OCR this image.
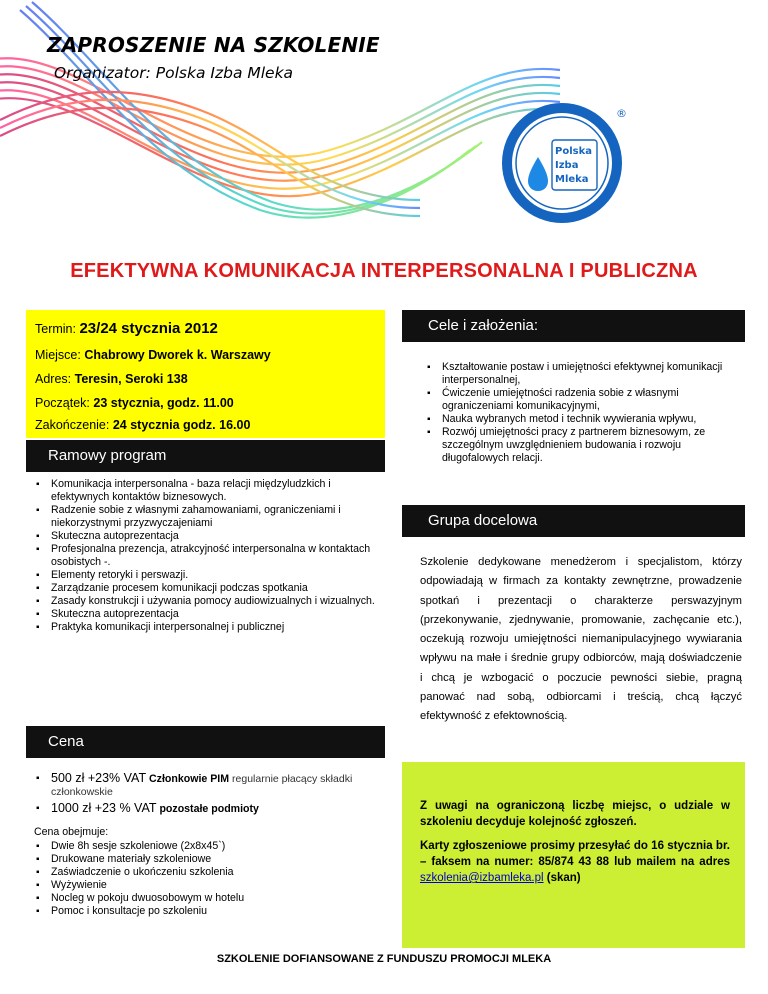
ZAPROSZENIE NA SZKOLENIE
Organizator: Polska Izba Mleka
Polska
Izba
Mleka
®
EFEKTYWNA KOMUNIKACJA INTERPERSONALNA I PUBLICZNA
Termin: 23/24 stycznia 2012
Miejsce: Chabrowy Dworek k. Warszawy
Adres: Teresin, Seroki 138
Początek: 23 stycznia, godz. 11.00
Zakończenie: 24 stycznia godz. 16.00
Ramowy program
Cele i założenia:
Grupa docelowa
Cena
▪ Komunikacja interpersonalna - baza relacji międzyludzkich i efektywnych kontaktów biznesowych.
▪ Radzenie sobie z własnymi zahamowaniami, ograniczeniami i niekorzystnymi przyzwyczajeniami
▪ Skuteczna autoprezentacja
▪ Profesjonalna prezencja, atrakcyjność interpersonalna w kontaktach osobistych -.
▪ Elementy retoryki i perswazji.
▪ Zarządzanie procesem komunikacji podczas spotkania
▪ Zasady konstrukcji i używania pomocy audiowizualnych i wizualnych.
▪ Skuteczna autoprezentacja
▪ Praktyka komunikacji interpersonalnej i publicznej
▪ Kształtowanie postaw i umiejętności efektywnej komunikacji interpersonalnej,
▪ Ćwiczenie umiejętności radzenia sobie z własnymi ograniczeniami komunikacyjnymi,
▪ Nauka wybranych metod i technik wywierania wpływu,
▪ Rozwój umiejętności pracy z partnerem biznesowym, ze szczególnym uwzględnieniem budowania i rozwoju długofalowych relacji.
Szkolenie dedykowane menedżerom i specjalistom, którzy odpowiadają w firmach za kontakty zewnętrzne, prowadzenie spotkań i prezentacji o charakterze perswazyjnym (przekonywanie, zjednywanie, promowanie, zachęcanie etc.), oczekują rozwoju umiejętności niemanipulacyjnego wywiarania wpływu na małe i średnie grupy odbiorców, mają doświadczenie i chcą je wzbogacić o poczucie pewności siebie, pragną panować nad sobą, odbiorcami i treścią, chcą łączyć efektywność z efektownością.
▪ 500 zł +23% VAT Członkowie PIM regularnie płacący składki członkowskie
▪ 1000 zł +23 % VAT pozostałe podmioty
Cena obejmuje:
▪ Dwie 8h sesje szkoleniowe (2x8x45`)
▪ Drukowane materiały szkoleniowe
▪ Zaświadczenie o ukończeniu szkolenia
▪ Wyżywienie
▪ Nocleg w pokoju dwuosobowym w hotelu
▪ Pomoc i konsultacje po szkoleniu
Z uwagi na ograniczoną liczbę miejsc, o udziale w szkoleniu decyduje kolejność zgłoszeń.
Karty zgłoszeniowe prosimy przesyłać do 16 stycznia br. – faksem na numer: 85/874 43 88 lub mailem na adres szkolenia@izbamleka.pl (skan)
SZKOLENIE DOFIANSOWANE Z FUNDUSZU PROMOCJI MLEKA
